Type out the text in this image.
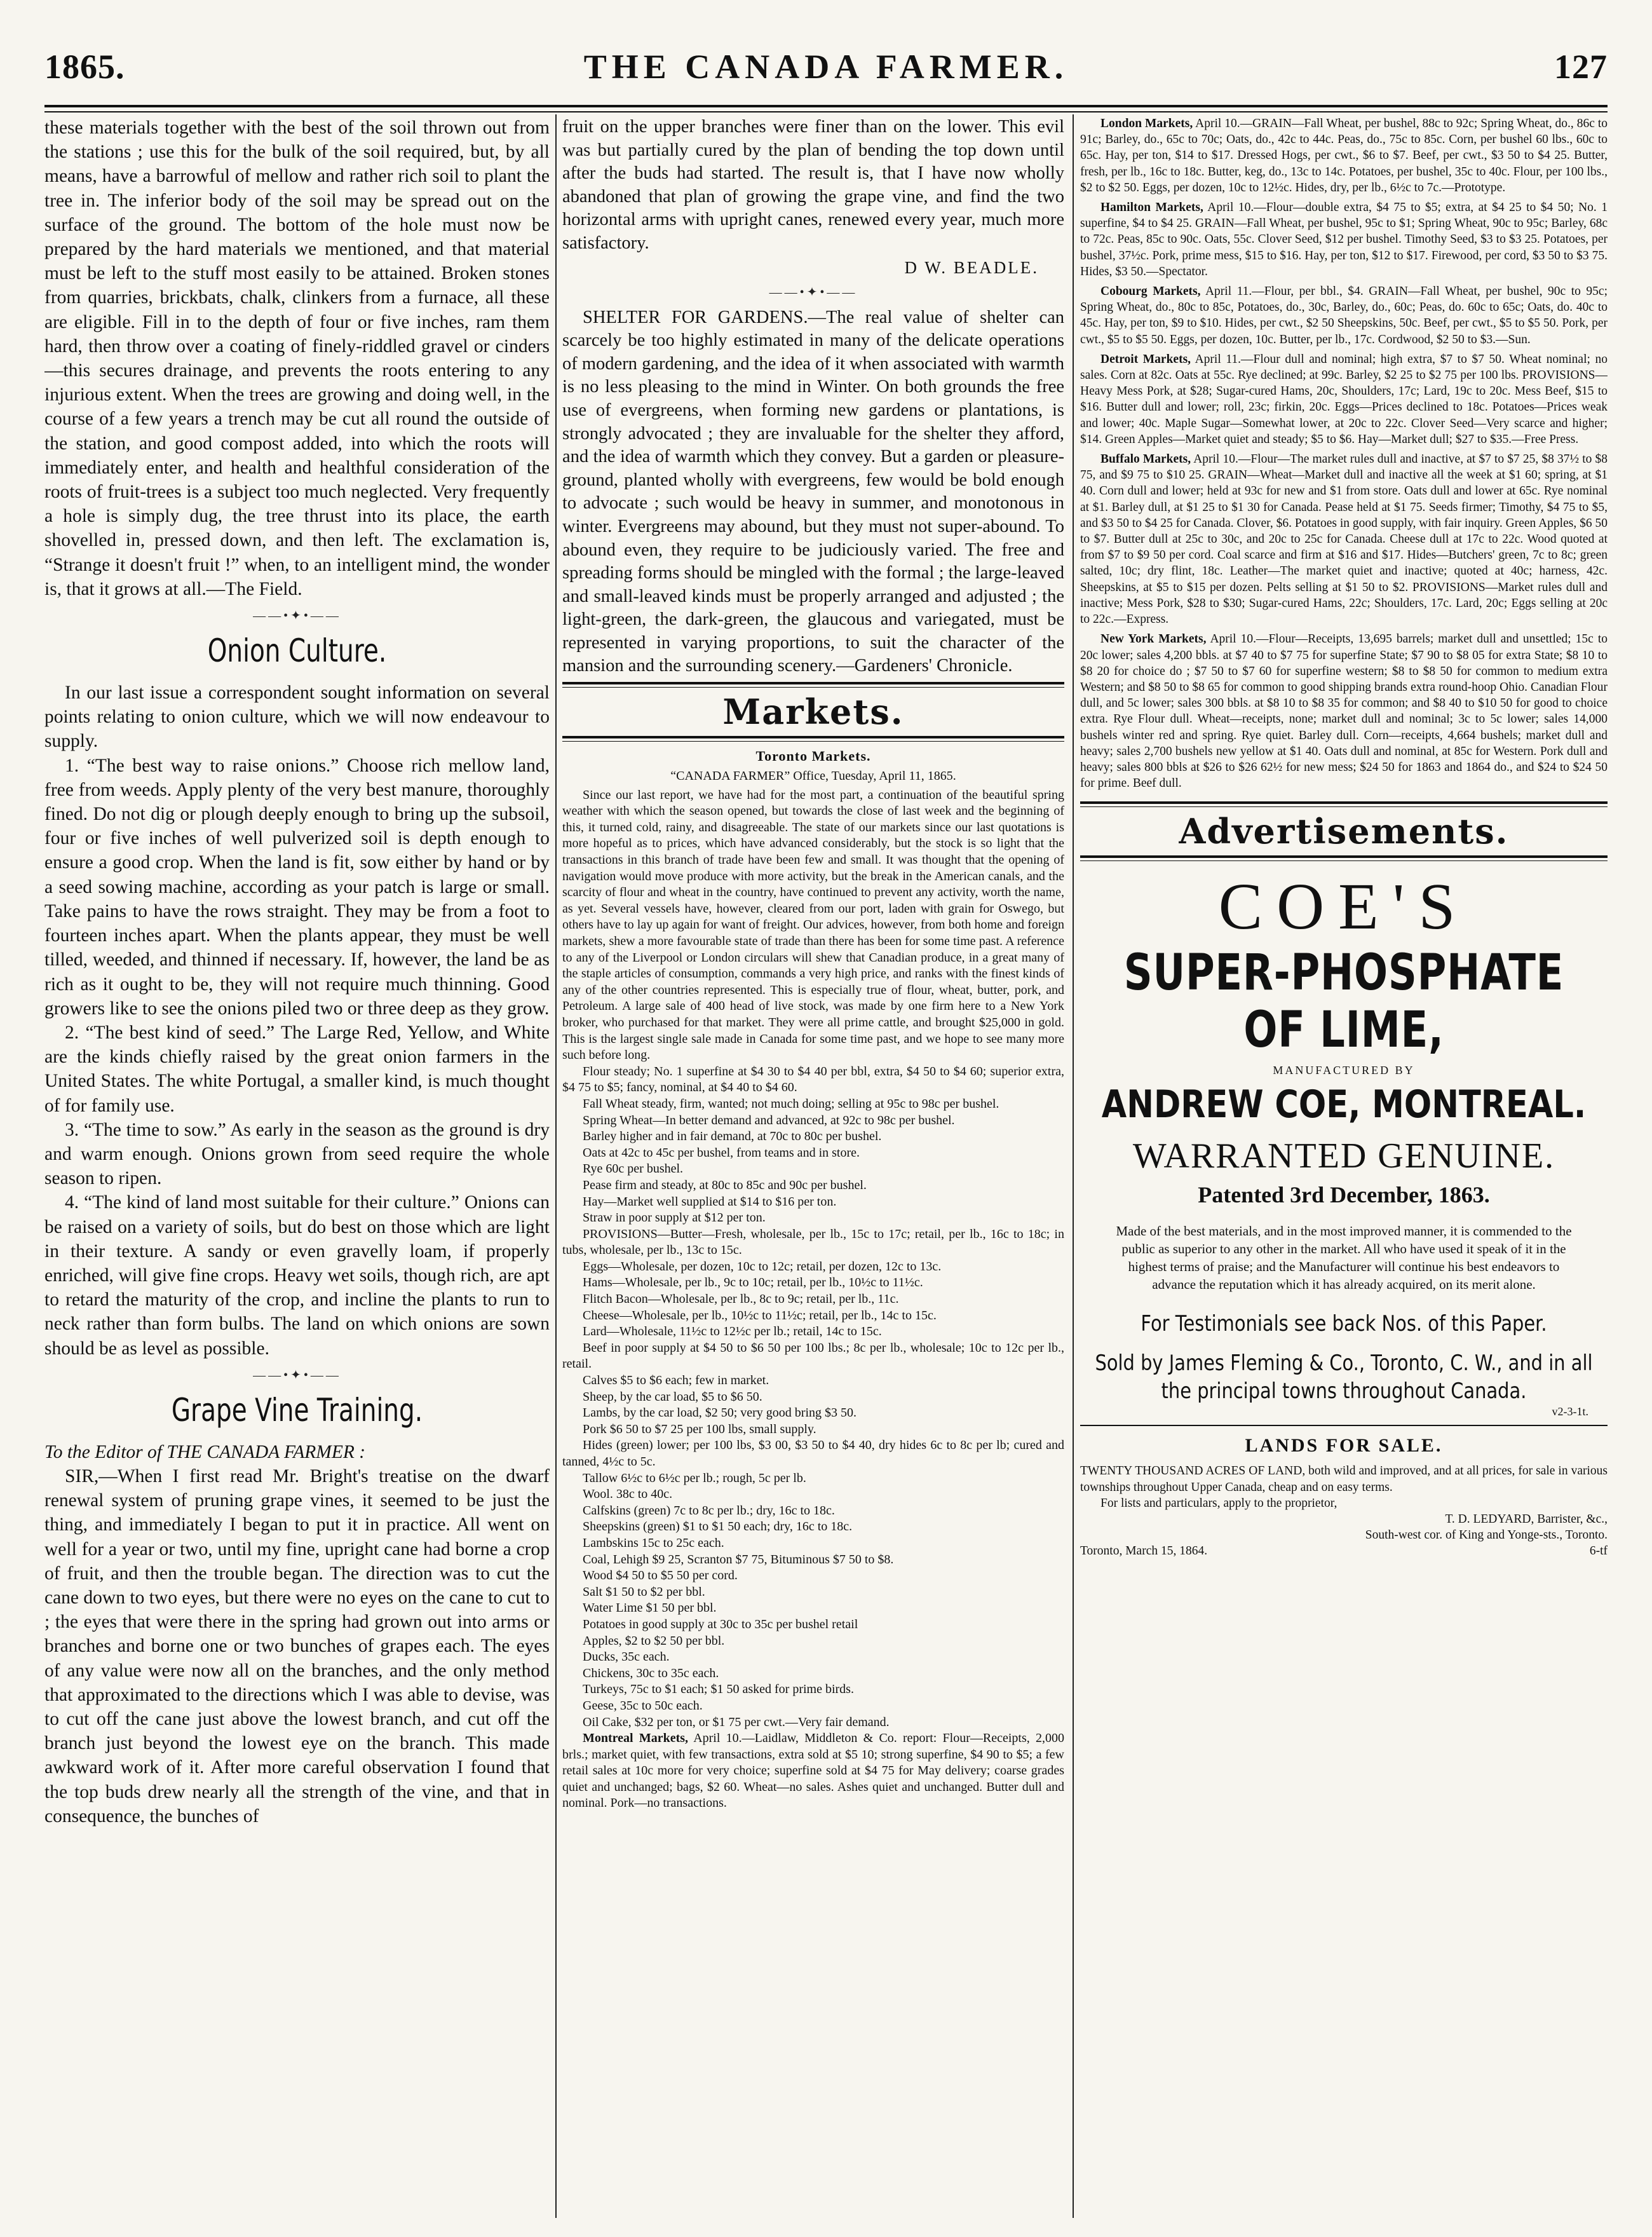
1865.	THE CANADA FARMER.	127

these materials together with the best of the soil thrown out from the stations ; use this for the bulk of the soil required, but, by all means, have a barrowful of mellow and rather rich soil to plant the tree in. The inferior body of the soil may be spread out on the surface of the ground. The bottom of the hole must now be prepared by the hard materials we mentioned, and that material must be left to the stuff most easily to be attained. Broken stones from quarries, brickbats, chalk, clinkers from a furnace, all these are eligible. Fill in to the depth of four or five inches, ram them hard, then throw over a coating of finely-riddled gravel or cinders—this secures drainage, and prevents the roots entering to any injurious extent. When the trees are growing and doing well, in the course of a few years a trench may be cut all round the outside of the station, and good compost added, into which the roots will immediately enter, and health and healthful consideration of the roots of fruit-trees is a subject too much neglected. Very frequently a hole is simply dug, the tree thrust into its place, the earth shovelled in, pressed down, and then left. The exclamation is, “Strange it doesn't fruit !” when, to an intelligent mind, the wonder is, that it grows at all.—The Field.

——•✦•——
Onion Culture.

In our last issue a correspondent sought information on several points relating to onion culture, which we will now endeavour to supply.

1. “The best way to raise onions.” Choose rich mellow land, free from weeds. Apply plenty of the very best manure, thoroughly fined. Do not dig or plough deeply enough to bring up the subsoil, four or five inches of well pulverized soil is depth enough to ensure a good crop. When the land is fit, sow either by hand or by a seed sowing machine, according as your patch is large or small. Take pains to have the rows straight. They may be from a foot to fourteen inches apart. When the plants appear, they must be well tilled, weeded, and thinned if necessary. If, however, the land be as rich as it ought to be, they will not require much thinning. Good growers like to see the onions piled two or three deep as they grow.

2. “The best kind of seed.” The Large Red, Yellow, and White are the kinds chiefly raised by the great onion farmers in the United States. The white Portugal, a smaller kind, is much thought of for family use.

3. “The time to sow.” As early in the season as the ground is dry and warm enough. Onions grown from seed require the whole season to ripen.

4. “The kind of land most suitable for their culture.” Onions can be raised on a variety of soils, but do best on those which are light in their texture. A sandy or even gravelly loam, if properly enriched, will give fine crops. Heavy wet soils, though rich, are apt to retard the maturity of the crop, and incline the plants to run to neck rather than form bulbs. The land on which onions are sown should be as level as possible.

——•✦•——
Grape Vine Training.

To the Editor of THE CANADA FARMER :

SIR,—When I first read Mr. Bright's treatise on the dwarf renewal system of pruning grape vines, it seemed to be just the thing, and immediately I began to put it in practice. All went on well for a year or two, until my fine, upright cane had borne a crop of fruit, and then the trouble began. The direction was to cut the cane down to two eyes, but there were no eyes on the cane to cut to ; the eyes that were there in the spring had grown out into arms or branches and borne one or two bunches of grapes each. The eyes of any value were now all on the branches, and the only method that approximated to the directions which I was able to devise, was to cut off the cane just above the lowest branch, and cut off the branch just beyond the lowest eye on the branch. This made awkward work of it. After more careful observation I found that the top buds drew nearly all the strength of the vine, and that in consequence, the bunches of

fruit on the upper branches were finer than on the lower. This evil was but partially cured by the plan of bending the top down until after the buds had started. The result is, that I have now wholly abandoned that plan of growing the grape vine, and find the two horizontal arms with upright canes, renewed every year, much more satisfactory.

D W. BEADLE.
——•✦•——

SHELTER FOR GARDENS.—The real value of shelter can scarcely be too highly estimated in many of the delicate operations of modern gardening, and the idea of it when associated with warmth is no less pleasing to the mind in Winter. On both grounds the free use of evergreens, when forming new gardens or plantations, is strongly advocated ; they are invaluable for the shelter they afford, and the idea of warmth which they convey. But a garden or pleasure-ground, planted wholly with evergreens, few would be bold enough to advocate ; such would be heavy in summer, and monotonous in winter. Evergreens may abound, but they must not super-abound. To abound even, they require to be judiciously varied. The free and spreading forms should be mingled with the formal ; the large-leaved and small-leaved kinds must be properly arranged and adjusted ; the light-green, the dark-green, the glaucous and variegated, must be represented in varying proportions, to suit the character of the mansion and the surrounding scenery.—Gardeners' Chronicle.

Markets.
Toronto Markets.

“CANADA FARMER” Office, Tuesday, April 11, 1865.

Since our last report, we have had for the most part, a continuation of the beautiful spring weather with which the season opened, but towards the close of last week and the beginning of this, it turned cold, rainy, and disagreeable. The state of our markets since our last quotations is more hopeful as to prices, which have advanced considerably, but the stock is so light that the transactions in this branch of trade have been few and small. It was thought that the opening of navigation would move produce with more activity, but the break in the American canals, and the scarcity of flour and wheat in the country, have continued to prevent any activity, worth the name, as yet. Several vessels have, however, cleared from our port, laden with grain for Oswego, but others have to lay up again for want of freight. Our advices, however, from both home and foreign markets, shew a more favourable state of trade than there has been for some time past. A reference to any of the Liverpool or London circulars will shew that Canadian produce, in a great many of the staple articles of consumption, commands a very high price, and ranks with the finest kinds of any of the other countries represented. This is especially true of flour, wheat, butter, pork, and Petroleum. A large sale of 400 head of live stock, was made by one firm here to a New York broker, who purchased for that market. They were all prime cattle, and brought $25,000 in gold. This is the largest single sale made in Canada for some time past, and we hope to see many more such before long.

Flour steady; No. 1 superfine at $4 30 to $4 40 per bbl, extra, $4 50 to $4 60; superior extra, $4 75 to $5; fancy, nominal, at $4 40 to $4 60.

Fall Wheat steady, firm, wanted; not much doing; selling at 95c to 98c per bushel.

Spring Wheat—In better demand and advanced, at 92c to 98c per bushel.

Barley higher and in fair demand, at 70c to 80c per bushel.

Oats at 42c to 45c per bushel, from teams and in store.

Rye 60c per bushel.

Pease firm and steady, at 80c to 85c and 90c per bushel.

Hay—Market well supplied at $14 to $16 per ton.

Straw in poor supply at $12 per ton.

PROVISIONS—Butter—Fresh, wholesale, per lb., 15c to 17c; retail, per lb., 16c to 18c; in tubs, wholesale, per lb., 13c to 15c.

Eggs—Wholesale, per dozen, 10c to 12c; retail, per dozen, 12c to 13c.

Hams—Wholesale, per lb., 9c to 10c; retail, per lb., 10½c to 11½c.

Flitch Bacon—Wholesale, per lb., 8c to 9c; retail, per lb., 11c.

Cheese—Wholesale, per lb., 10½c to 11½c; retail, per lb., 14c to 15c.

Lard—Wholesale, 11½c to 12½c per lb.; retail, 14c to 15c.

Beef in poor supply at $4 50 to $6 50 per 100 lbs.; 8c per lb., wholesale; 10c to 12c per lb., retail.

Calves $5 to $6 each; few in market.

Sheep, by the car load, $5 to $6 50.

Lambs, by the car load, $2 50; very good bring $3 50.

Pork $6 50 to $7 25 per 100 lbs, small supply.

Hides (green) lower; per 100 lbs, $3 00, $3 50 to $4 40, dry hides 6c to 8c per lb; cured and tanned, 4½c to 5c.

Tallow 6½c to 6½c per lb.; rough, 5c per lb.

Wool. 38c to 40c.

Calfskins (green) 7c to 8c per lb.; dry, 16c to 18c.

Sheepskins (green) $1 to $1 50 each; dry, 16c to 18c.

Lambskins 15c to 25c each.

Coal, Lehigh $9 25, Scranton $7 75, Bituminous $7 50 to $8.

Wood $4 50 to $5 50 per cord.

Salt $1 50 to $2 per bbl.

Water Lime $1 50 per bbl.

Potatoes in good supply at 30c to 35c per bushel retail

Apples, $2 to $2 50 per bbl.

Ducks, 35c each.

Chickens, 30c to 35c each.

Turkeys, 75c to $1 each; $1 50 asked for prime birds.

Geese, 35c to 50c each.

Oil Cake, $32 per ton, or $1 75 per cwt.—Very fair demand.

Montreal Markets, April 10.—Laidlaw, Middleton & Co. report: Flour—Receipts, 2,000 brls.; market quiet, with few transactions, extra sold at $5 10; strong superfine, $4 90 to $5; a few retail sales at 10c more for very choice; superfine sold at $4 75 for May delivery; coarse grades quiet and unchanged; bags, $2 60. Wheat—no sales. Ashes quiet and unchanged. Butter dull and nominal. Pork—no transactions.

London Markets, April 10.—GRAIN—Fall Wheat, per bushel, 88c to 92c; Spring Wheat, do., 86c to 91c; Barley, do., 65c to 70c; Oats, do., 42c to 44c. Peas, do., 75c to 85c. Corn, per bushel 60 lbs., 60c to 65c. Hay, per ton, $14 to $17. Dressed Hogs, per cwt., $6 to $7. Beef, per cwt., $3 50 to $4 25. Butter, fresh, per lb., 16c to 18c. Butter, keg, do., 13c to 14c. Potatoes, per bushel, 35c to 40c. Flour, per 100 lbs., $2 to $2 50. Eggs, per dozen, 10c to 12½c. Hides, dry, per lb., 6½c to 7c.—Prototype.

Hamilton Markets, April 10.—Flour—double extra, $4 75 to $5; extra, at $4 25 to $4 50; No. 1 superfine, $4 to $4 25. GRAIN—Fall Wheat, per bushel, 95c to $1; Spring Wheat, 90c to 95c; Barley, 68c to 72c. Peas, 85c to 90c. Oats, 55c. Clover Seed, $12 per bushel. Timothy Seed, $3 to $3 25. Potatoes, per bushel, 37½c. Pork, prime mess, $15 to $16. Hay, per ton, $12 to $17. Firewood, per cord, $3 50 to $3 75. Hides, $3 50.—Spectator.

Cobourg Markets, April 11.—Flour, per bbl., $4. GRAIN—Fall Wheat, per bushel, 90c to 95c; Spring Wheat, do., 80c to 85c, Potatoes, do., 30c, Barley, do., 60c; Peas, do. 60c to 65c; Oats, do. 40c to 45c. Hay, per ton, $9 to $10. Hides, per cwt., $2 50 Sheepskins, 50c. Beef, per cwt., $5 to $5 50. Pork, per cwt., $5 to $5 50. Eggs, per dozen, 10c. Butter, per lb., 17c. Cordwood, $2 50 to $3.—Sun.

Detroit Markets, April 11.—Flour dull and nominal; high extra, $7 to $7 50. Wheat nominal; no sales. Corn at 82c. Oats at 55c. Rye declined; at 99c. Barley, $2 25 to $2 75 per 100 lbs. PROVISIONS—Heavy Mess Pork, at $28; Sugar-cured Hams, 20c, Shoulders, 17c; Lard, 19c to 20c. Mess Beef, $15 to $16. Butter dull and lower; roll, 23c; firkin, 20c. Eggs—Prices declined to 18c. Potatoes—Prices weak and lower; 40c. Maple Sugar—Somewhat lower, at 20c to 22c. Clover Seed—Very scarce and higher; $14. Green Apples—Market quiet and steady; $5 to $6. Hay—Market dull; $27 to $35.—Free Press.

Buffalo Markets, April 10.—Flour—The market rules dull and inactive, at $7 to $7 25, $8 37½ to $8 75, and $9 75 to $10 25. GRAIN—Wheat—Market dull and inactive all the week at $1 60; spring, at $1 40. Corn dull and lower; held at 93c for new and $1 from store. Oats dull and lower at 65c. Rye nominal at $1. Barley dull, at $1 25 to $1 30 for Canada. Pease held at $1 75. Seeds firmer; Timothy, $4 75 to $5, and $3 50 to $4 25 for Canada. Clover, $6. Potatoes in good supply, with fair inquiry. Green Apples, $6 50 to $7. Butter dull at 25c to 30c, and 20c to 25c for Canada. Cheese dull at 17c to 22c. Wood quoted at from $7 to $9 50 per cord. Coal scarce and firm at $16 and $17. Hides—Butchers' green, 7c to 8c; green salted, 10c; dry flint, 18c. Leather—The market quiet and inactive; quoted at 40c; harness, 42c. Sheepskins, at $5 to $15 per dozen. Pelts selling at $1 50 to $2. PROVISIONS—Market rules dull and inactive; Mess Pork, $28 to $30; Sugar-cured Hams, 22c; Shoulders, 17c. Lard, 20c; Eggs selling at 20c to 22c.—Express.

New York Markets, April 10.—Flour—Receipts, 13,695 barrels; market dull and unsettled; 15c to 20c lower; sales 4,200 bbls. at $7 40 to $7 75 for superfine State; $7 90 to $8 05 for extra State; $8 10 to $8 20 for choice do ; $7 50 to $7 60 for superfine western; $8 to $8 50 for common to medium extra Western; and $8 50 to $8 65 for common to good shipping brands extra round-hoop Ohio. Canadian Flour dull, and 5c lower; sales 300 bbls. at $8 10 to $8 35 for common; and $8 40 to $10 50 for good to choice extra. Rye Flour dull. Wheat—receipts, none; market dull and nominal; 3c to 5c lower; sales 14,000 bushels winter red and spring. Rye quiet. Barley dull. Corn—receipts, 4,664 bushels; market dull and heavy; sales 2,700 bushels new yellow at $1 40. Oats dull and nominal, at 85c for Western. Pork dull and heavy; sales 800 bbls at $26 to $26 62½ for new mess; $24 50 for 1863 and 1864 do., and $24 to $24 50 for prime. Beef dull.

Advertisements.
COE'S
SUPER-PHOSPHATE OF LIME,
MANUFACTURED BY
ANDREW COE, MONTREAL.
WARRANTED GENUINE.
Patented 3rd December, 1863.

Made of the best materials, and in the most improved manner, it is commended to the public as superior to any other in the market. All who have used it speak of it in the highest terms of praise; and the Manufacturer will continue his best endeavors to advance the reputation which it has already acquired, on its merit alone.

For Testimonials see back Nos. of this Paper.
Sold by James Fleming & Co., Toronto, C. W., and in all the principal towns throughout Canada.
v2-3-1t.
LANDS FOR SALE.

TWENTY THOUSAND ACRES OF LAND, both wild and improved, and at all prices, for sale in various townships throughout Upper Canada, cheap and on easy terms.

For lists and particulars, apply to the proprietor,

T. D. LEDYARD, Barrister, &c.,
South-west cor. of King and Yonge-sts., Toronto.
Toronto, March 15, 1864.	6-tf
